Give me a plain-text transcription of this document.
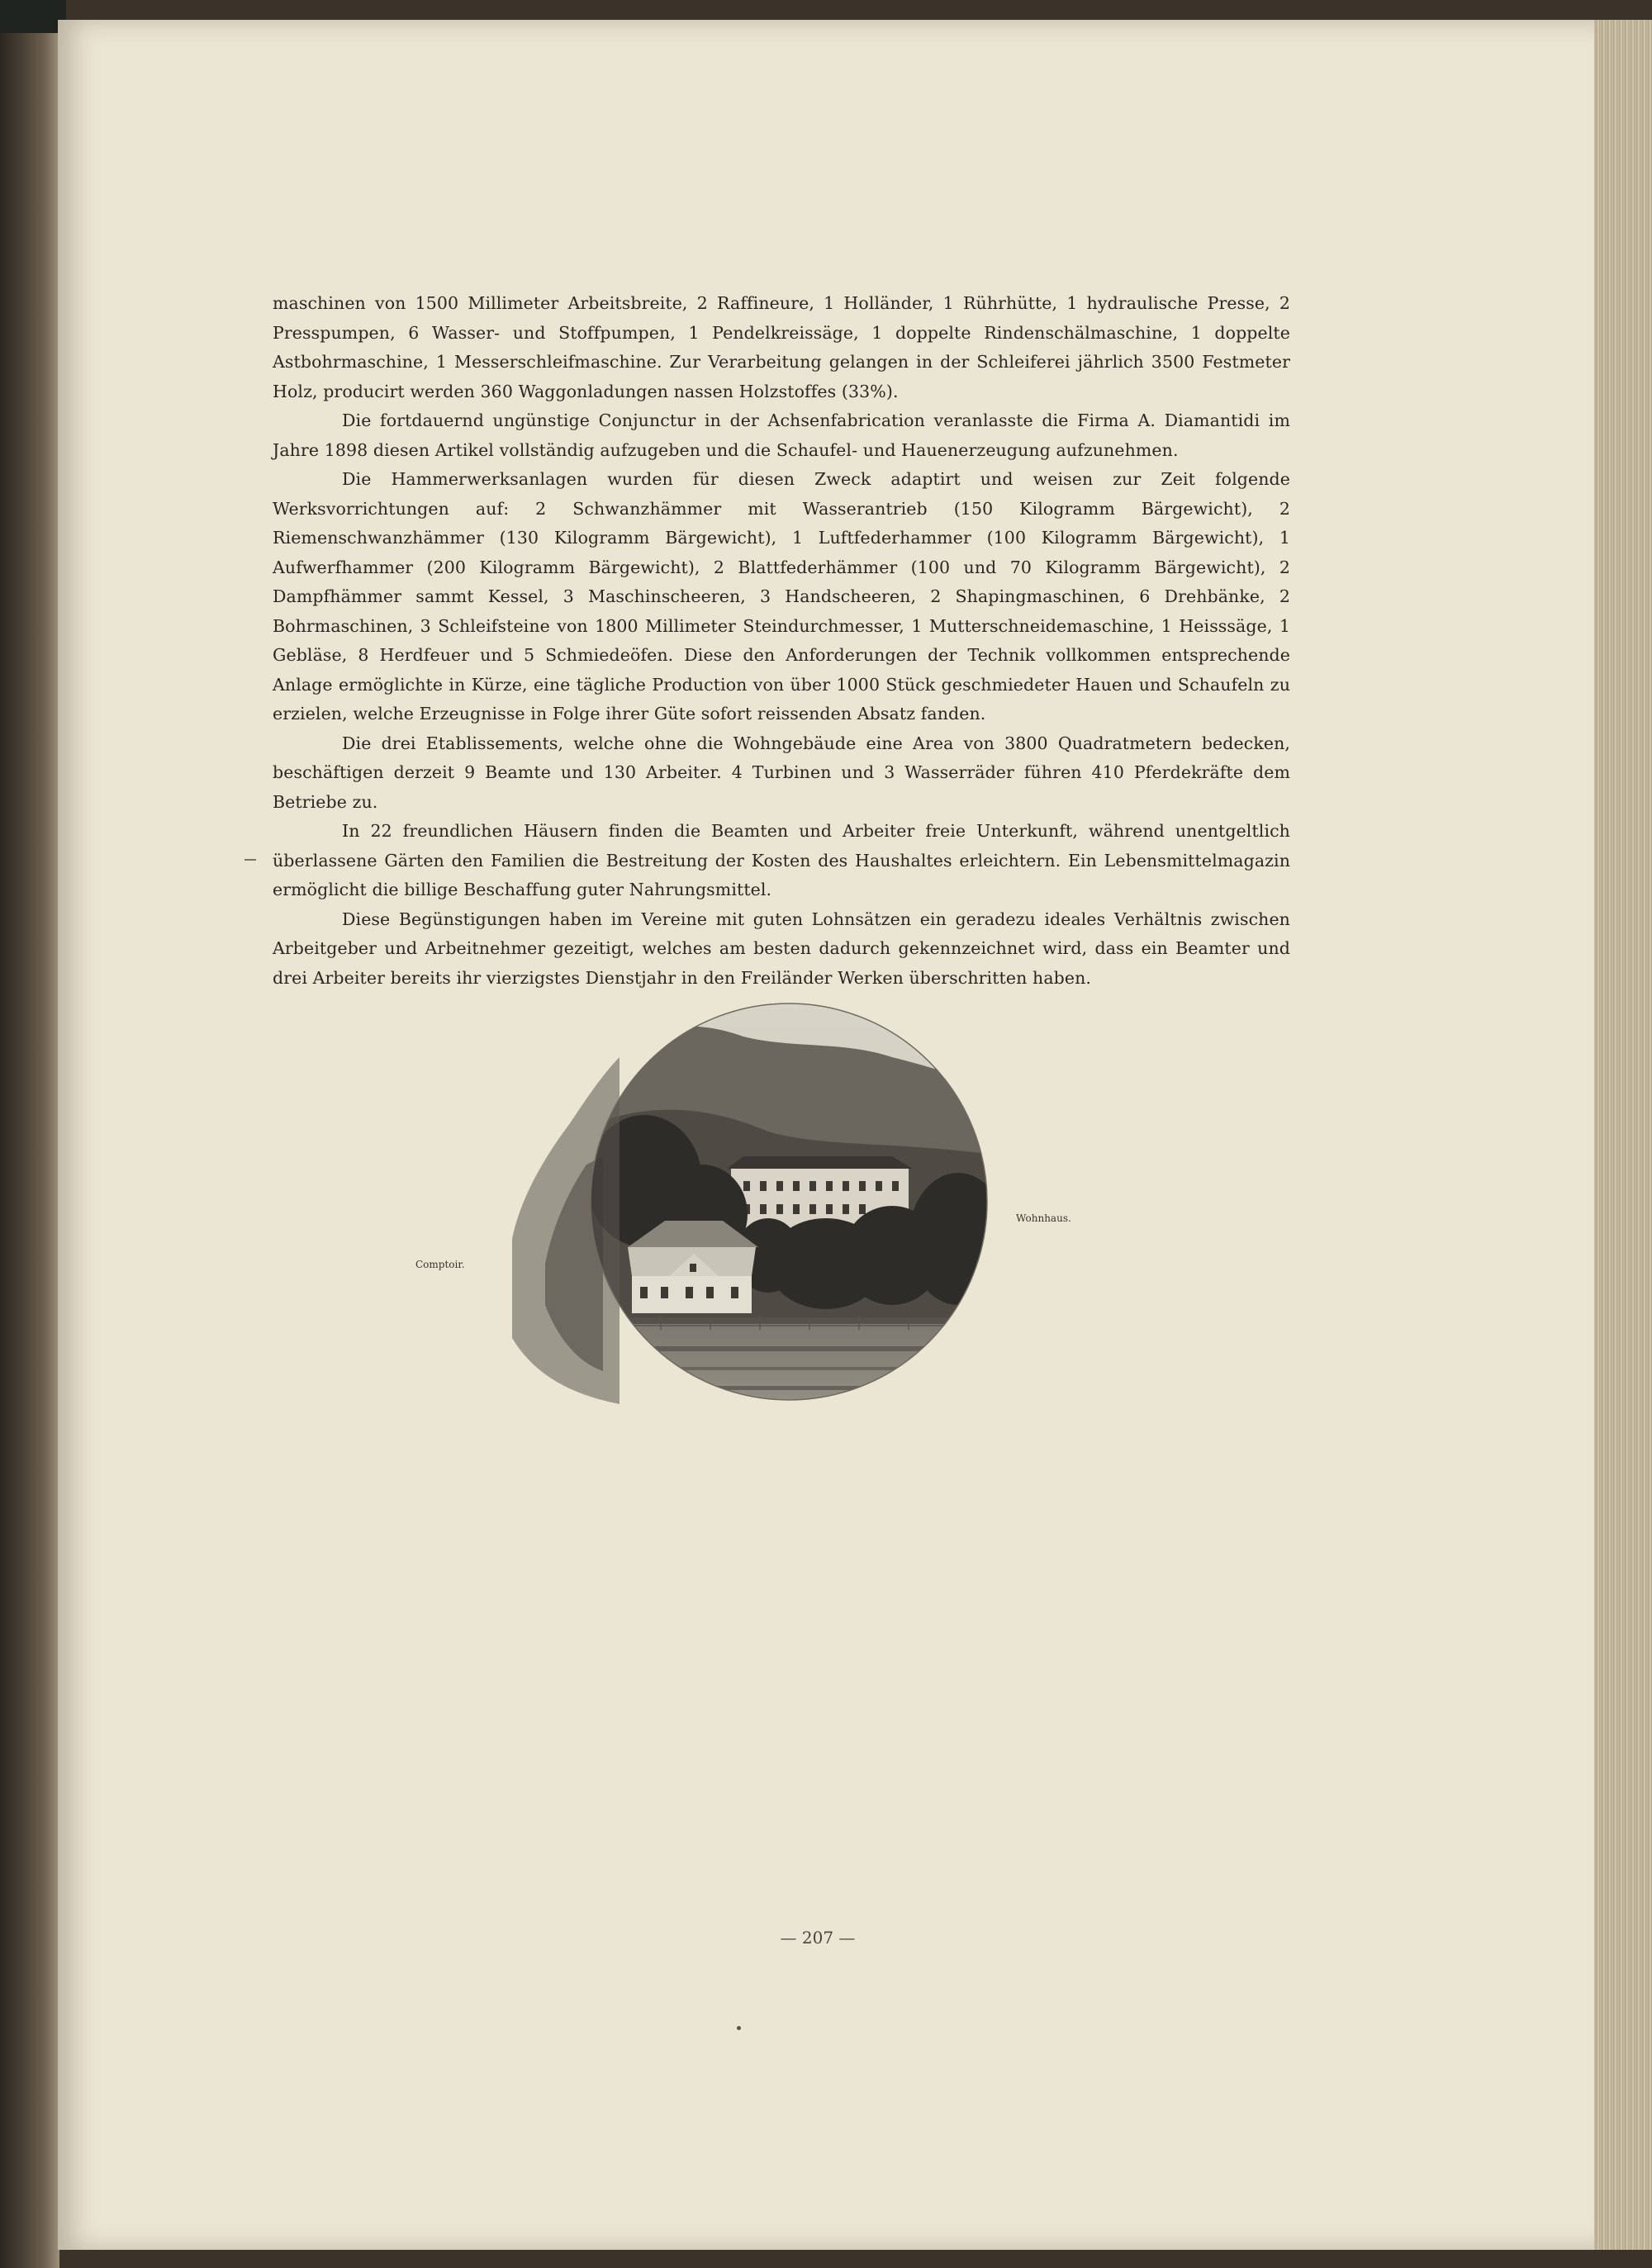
maschinen von 1500 Millimeter Arbeitsbreite, 2 Raffineure, 1 Holländer, 1 Rührhütte, 1 hydraulische Presse, 2 Presspumpen, 6 Wasser- und Stoffpumpen, 1 Pendelkreissäge, 1 doppelte Rindenschälmaschine, 1 doppelte Astbohrmaschine, 1 Messerschleifmaschine. Zur Verarbeitung gelangen in der Schleiferei jährlich 3500 Festmeter Holz, producirt werden 360 Waggonladungen nassen Holzstoffes (33%).

Die fortdauernd ungünstige Conjunctur in der Achsenfabrication veranlasste die Firma A. Diamantidi im Jahre 1898 diesen Artikel vollständig aufzugeben und die Schaufel- und Hauenerzeugung aufzunehmen.

Die Hammerwerksanlagen wurden für diesen Zweck adaptirt und weisen zur Zeit folgende Werksvorrichtungen auf: 2 Schwanzhämmer mit Wasserantrieb (150 Kilogramm Bärgewicht), 2 Riemenschwanzhämmer (130 Kilogramm Bärgewicht), 1 Luftfederhammer (100 Kilogramm Bärgewicht), 1 Aufwerfhammer (200 Kilogramm Bärgewicht), 2 Blattfederhämmer (100 und 70 Kilogramm Bärgewicht), 2 Dampfhämmer sammt Kessel, 3 Maschinscheeren, 3 Handscheeren, 2 Shapingmaschinen, 6 Drehbänke, 2 Bohrmaschinen, 3 Schleifsteine von 1800 Millimeter Steindurchmesser, 1 Mutterschneidemaschine, 1 Heisssäge, 1 Gebläse, 8 Herdfeuer und 5 Schmiedeöfen. Diese den Anforderungen der Technik vollkommen entsprechende Anlage ermöglichte in Kürze, eine tägliche Production von über 1000 Stück geschmiedeter Hauen und Schaufeln zu erzielen, welche Erzeugnisse in Folge ihrer Güte sofort reissenden Absatz fanden.

Die drei Etablissements, welche ohne die Wohngebäude eine Area von 3800 Quadratmetern bedecken, beschäftigen derzeit 9 Beamte und 130 Arbeiter. 4 Turbinen und 3 Wasserräder führen 410 Pferdekräfte dem Betriebe zu.

In 22 freundlichen Häusern finden die Beamten und Arbeiter freie Unterkunft, während unentgeltlich überlassene Gärten den Familien die Bestreitung der Kosten des Haushaltes erleichtern. Ein Lebensmittelmagazin ermöglicht die billige Beschaffung guter Nahrungsmittel.

Diese Begünstigungen haben im Vereine mit guten Lohnsätzen ein geradezu ideales Verhältnis zwischen Arbeitgeber und Arbeitnehmer gezeitigt, welches am besten dadurch gekennzeichnet wird, dass ein Beamter und drei Arbeiter bereits ihr vierzigstes Dienstjahr in den Freiländer Werken überschritten haben.

Comptoir.
Wohnhaus.
— 207 —
